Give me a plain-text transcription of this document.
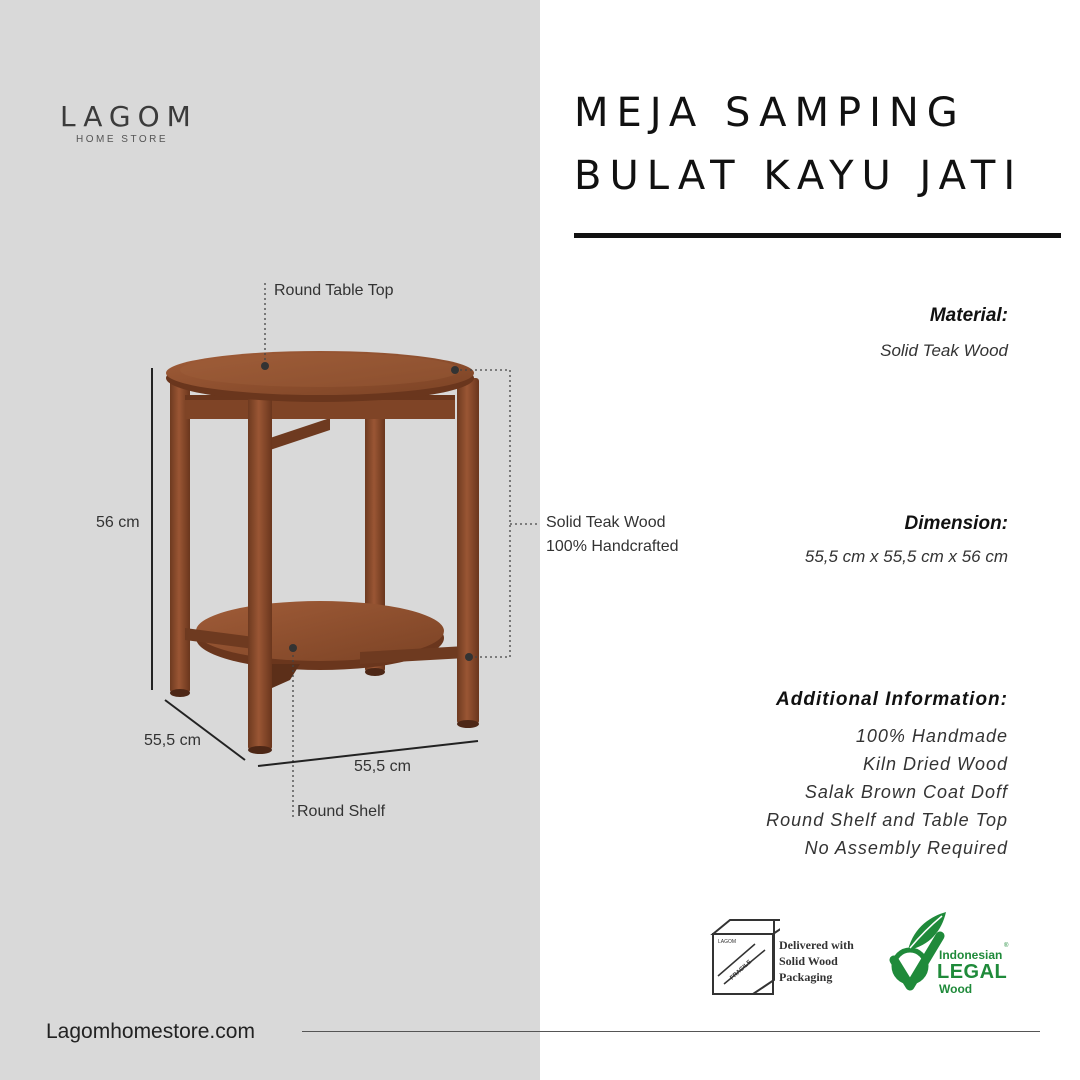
LAGOM
HOME STORE
MEJA SAMPING
BULAT KAYU JATI
Round Table Top
Solid Teak Wood
100% Handcrafted
56 cm
55,5 cm
55,5 cm
Round Shelf
Material:
Solid Teak Wood
Dimension:
55,5 cm x 55,5 cm x 56 cm
Additional Information:
100% Handmade
Kiln Dried Wood
Salak Brown Coat Doff
Round Shelf and Table Top
No Assembly Required
LAGOM
FRAGILE
Delivered with
Solid Wood
Packaging
Indonesian
®
LEGAL
Wood
Lagomhomestore.com
